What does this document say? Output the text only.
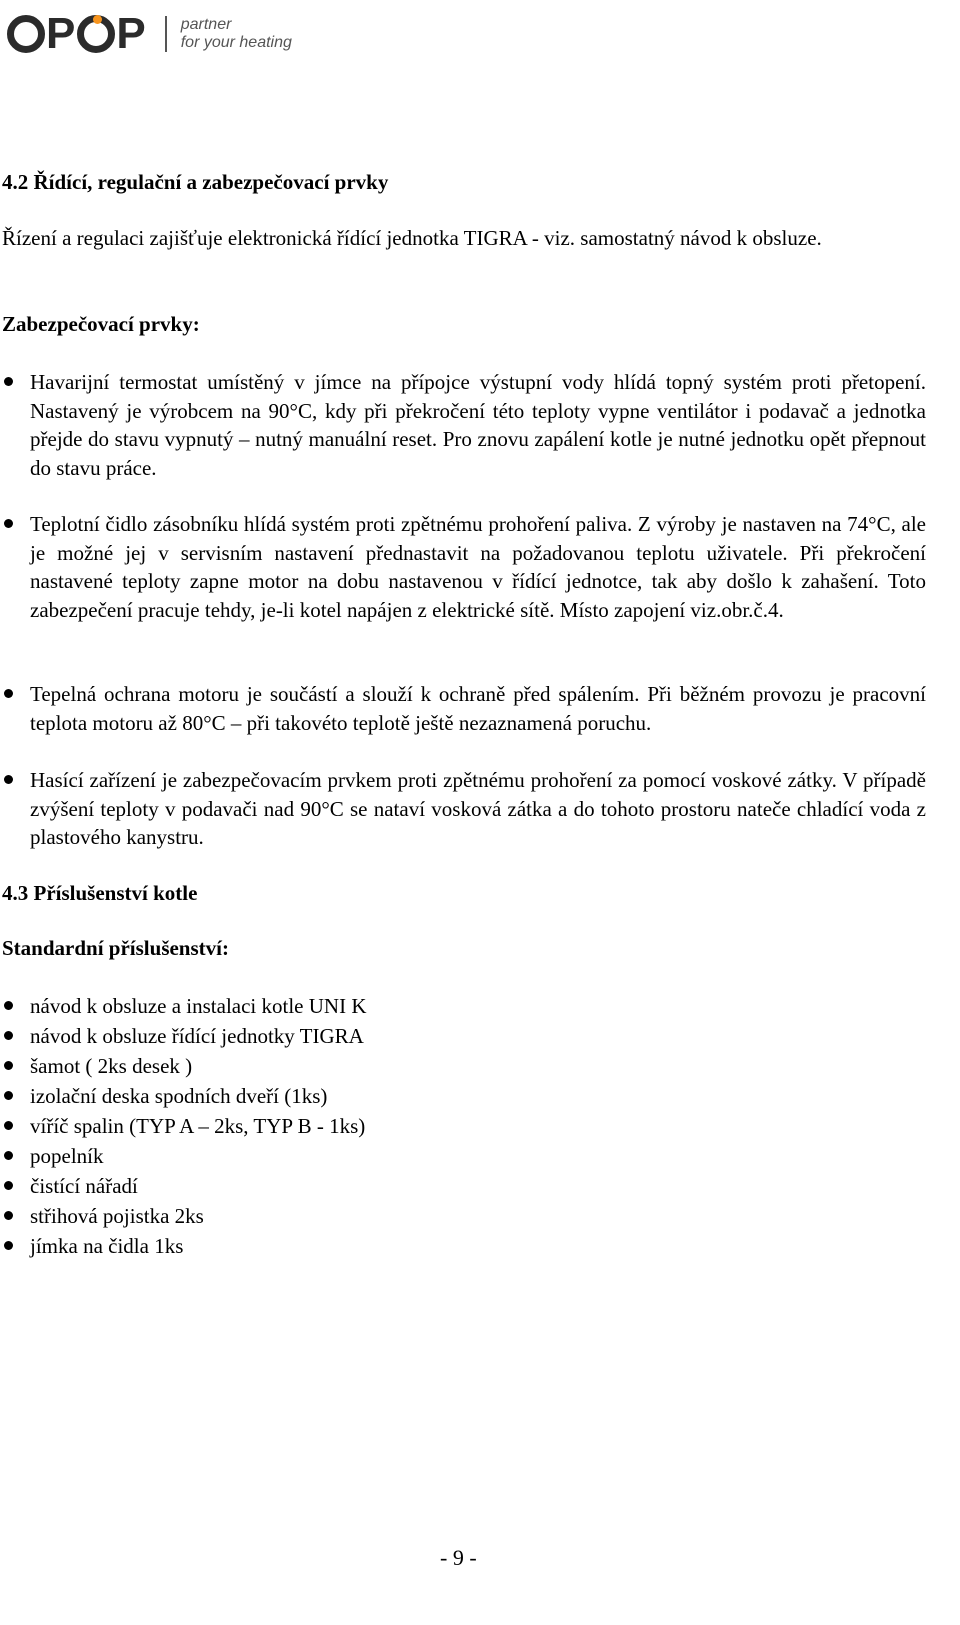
P P partner
for your heating
4.2 Řídící, regulační a zabezpečovací prvky
Řízení a regulaci zajišťuje elektronická řídící jednotka TIGRA - viz. samostatný návod k obsluze.
Zabezpečovací prvky:
Havarijní termostat umístěný v jímce na přípojce výstupní vody hlídá topný systém proti přetopení. Nastavený je výrobcem na 90°C, kdy při překročení této teploty vypne ventilátor i podavač a jednotka přejde do stavu vypnutý – nutný manuální reset. Pro znovu zapálení kotle je nutné jednotku opět přepnout do stavu práce.
Teplotní čidlo zásobníku hlídá systém proti zpětnému prohoření paliva. Z výroby je nastaven na 74°C, ale je možné jej v servisním nastavení přednastavit na požadovanou teplotu uživatele. Při překročení nastavené teploty zapne motor na dobu nastavenou v řídící jednotce, tak aby došlo k zahašení. Toto zabezpečení pracuje tehdy, je-li kotel napájen z elektrické sítě. Místo zapojení viz.obr.č.4.
Tepelná ochrana motoru je součástí a slouží k ochraně před spálením. Při běžném provozu je pracovní teplota motoru až 80°C – při takovéto teplotě ještě nezaznamená poruchu.
Hasící zařízení je zabezpečovacím prvkem proti zpětnému prohoření za pomocí voskové zátky. V případě zvýšení teploty v podavači nad 90°C se nataví vosková zátka a do tohoto prostoru nateče chladící voda z plastového kanystru.
4.3 Příslušenství kotle
Standardní příslušenství:
návod k obsluze a instalaci kotle UNI K
návod k obsluze řídící jednotky TIGRA
šamot ( 2ks desek )
izolační deska spodních dveří (1ks)
víříč spalin (TYP A – 2ks, TYP B - 1ks)
popelník
čistící nářadí
střihová pojistka 2ks
jímka na čidla 1ks
- 9 -
